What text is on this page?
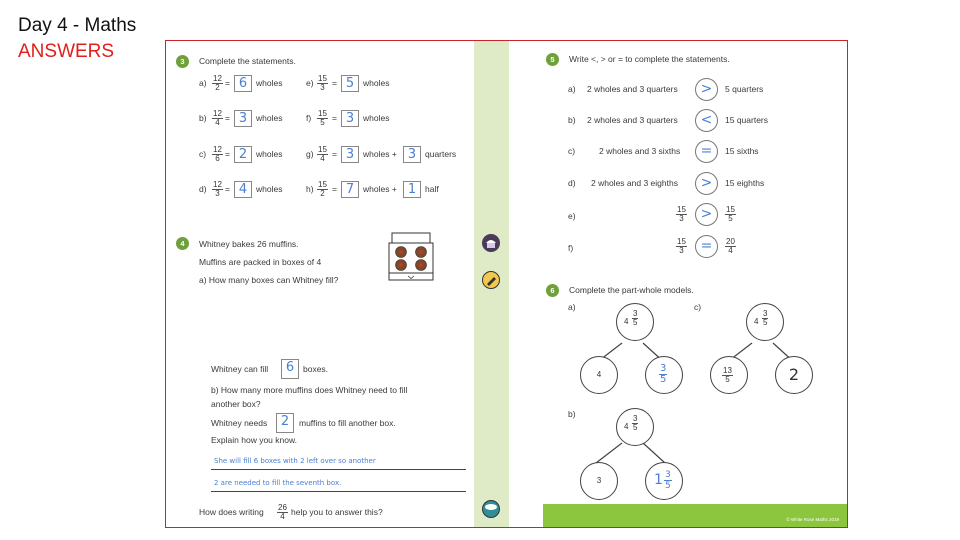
Day 4 - Maths
ANSWERS	3	Complete the statements.
$a) \frac{12}{2} = 6$	wholes
$b) \frac{12}{4} = 3$	wholes
$c) \frac{12}{6} = 2$	wholes
$d) \frac{12}{3} = 4$	wholes
$e) \frac{15}{3} = 5$	wholes
$f) \frac{15}{5} = 3$	wholes
$g) \frac{15}{4} = 3$	wholes + 3	quarters
$h) \frac{15}{2} = 7$	wholes + 1	half
4	Whitney bakes 26 muffins.
Muffins are packed in boxes of 4
a) How many boxes can Whitney fill?
Whitney can fill	6	boxes.
b) How many more muffins does Whitney need to fill
another box?
Whitney needs	2	muffins to fill another box.
Explain how you know.
She will fill 6 boxes with 2 left over so another
2 are needed to fill the seventh box.
How does writing $\frac{26}{4}$ help you to answer this?
5	Write <, > or = to complete the statements.
a) 2 wholes and 3 quarters	>	5 quarters
b) 2 wholes and 3 quarters	<	15 quarters
c)	2 wholes and 3 sixths	=	15 sixths
d) 2 wholes and 3 eighths	>	15 eighths
e)	$\frac{15}{3}$ >	$\frac{15}{5}$
f)	$\frac{15}{3}$ =	$\frac{20}{4}$
6	Complete the part-whole models.
a)
$4 \frac{3}{5}$
4	$\frac{3}{5}$
b)
$4 \frac{3}{5}$
3	$1 \frac{3}{5}$
c)
$4 \frac{3}{5}$
$\frac{13}{5}$	2
© White Rose Maths 2019
